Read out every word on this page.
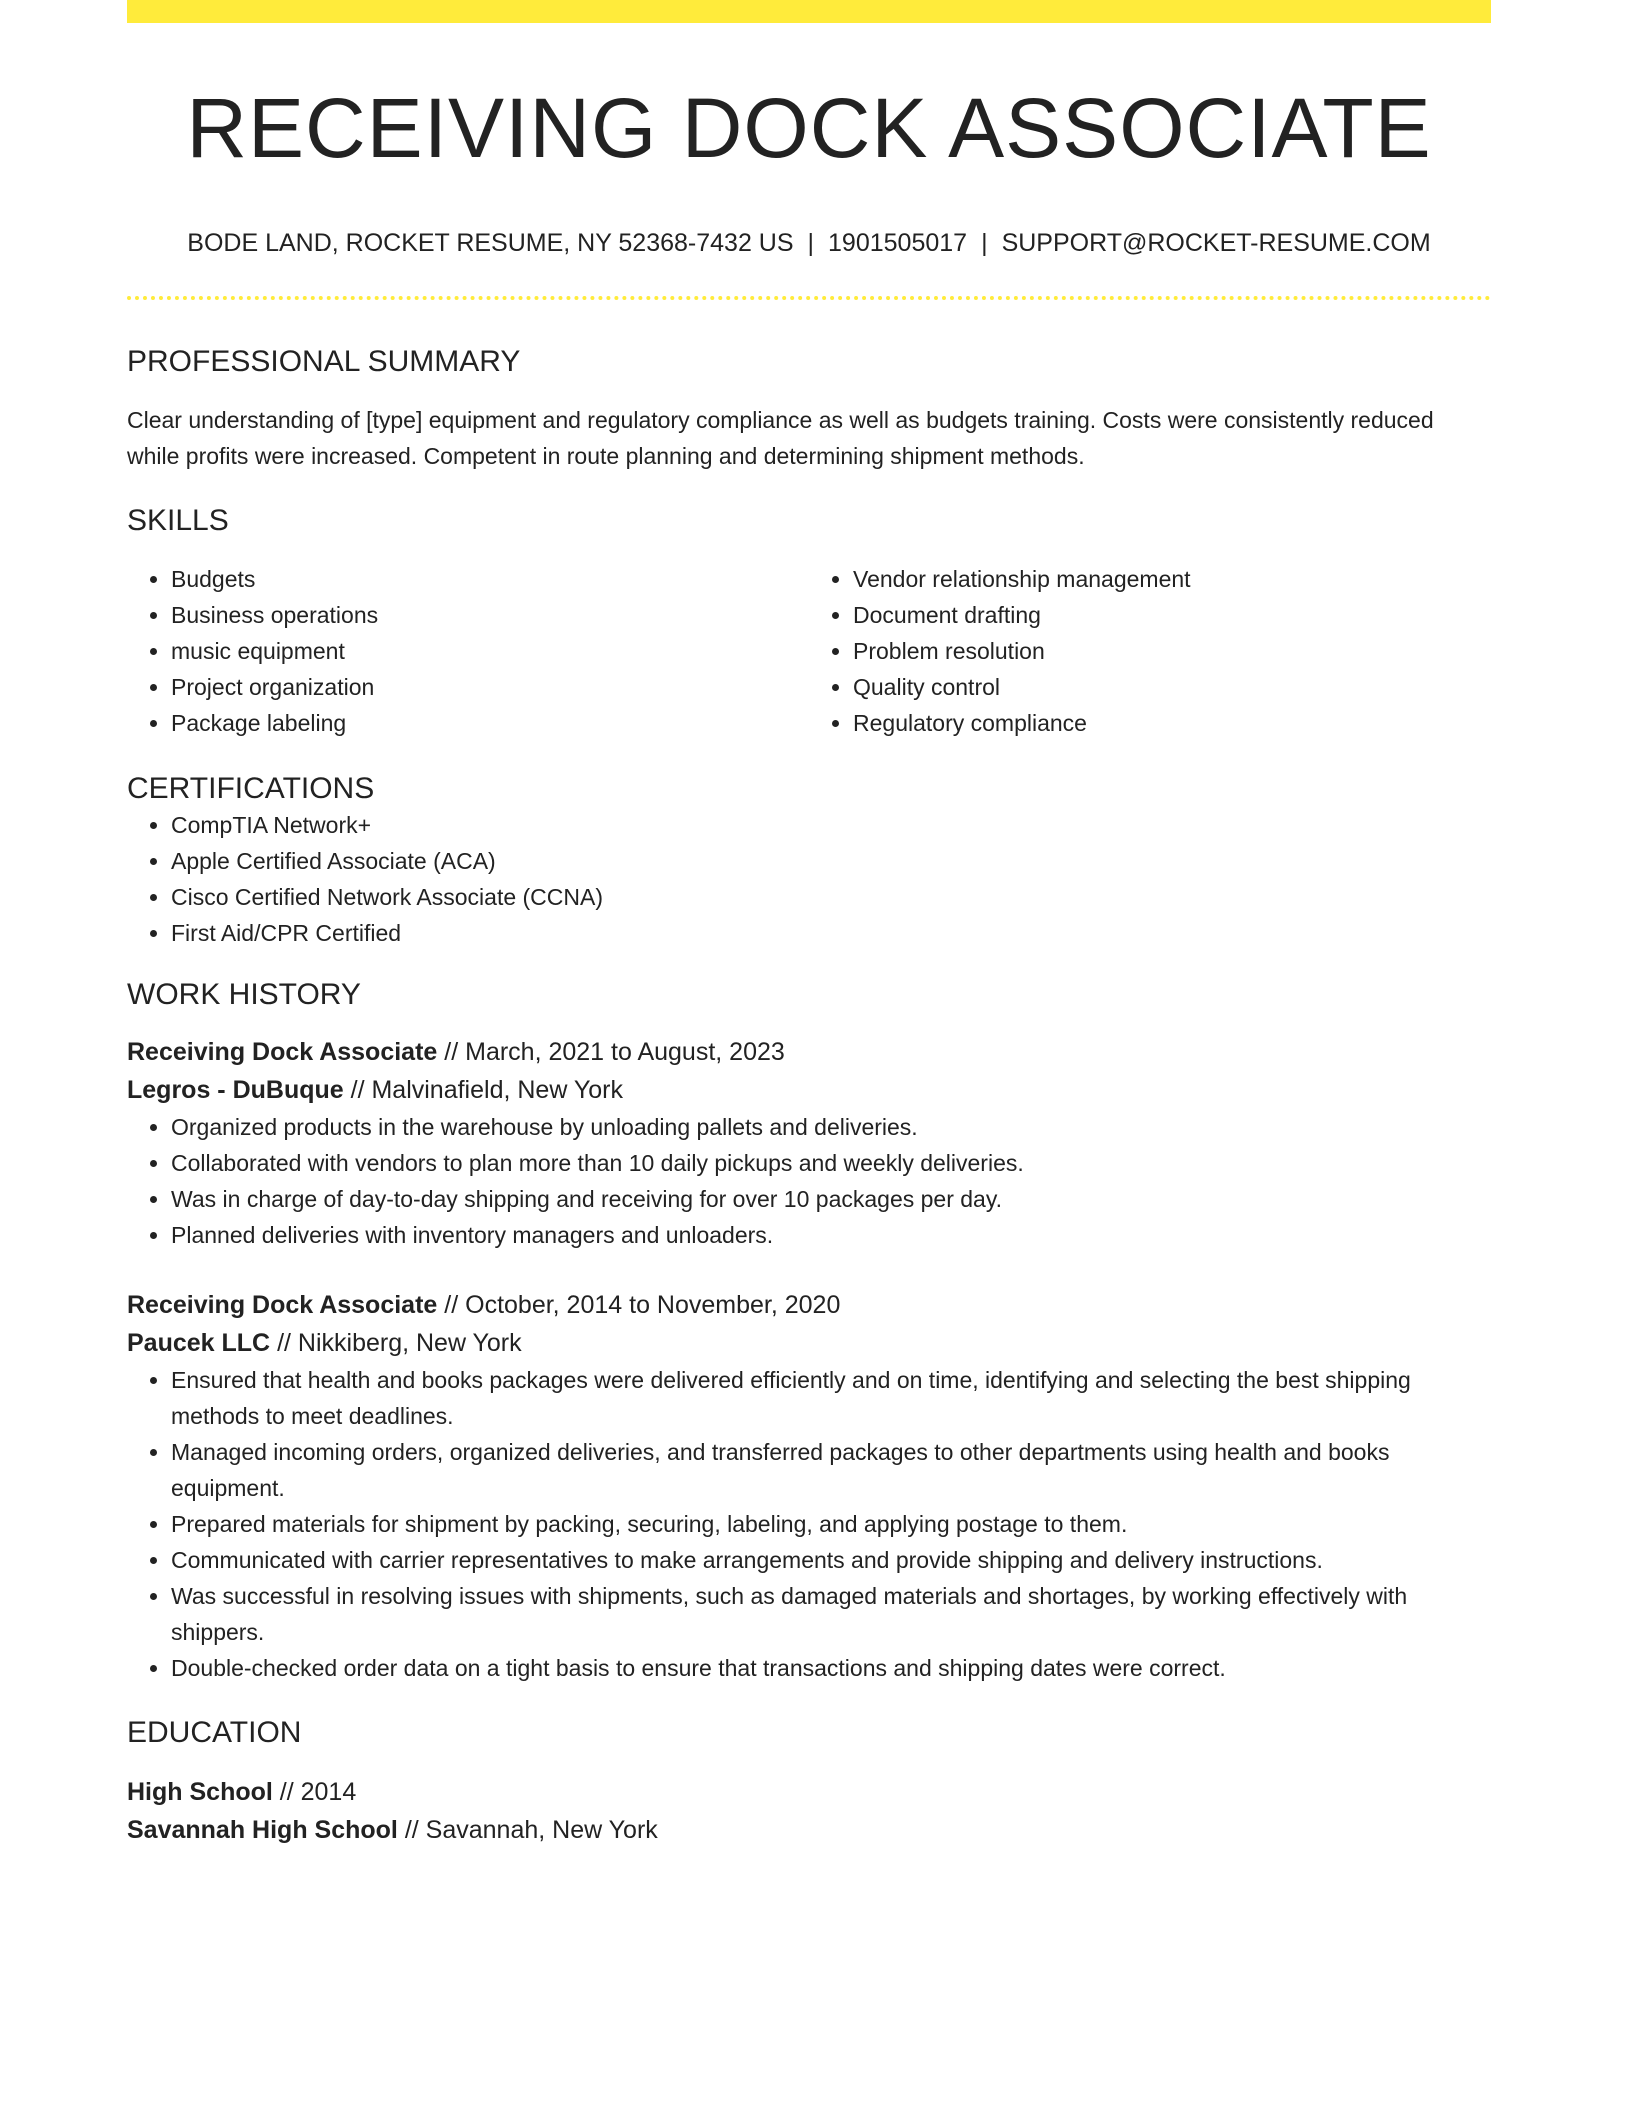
RECEIVING DOCK ASSOCIATE
BODE LAND, ROCKET RESUME, NY 52368-7432 US | 1901505017 | SUPPORT@ROCKET-RESUME.COM
PROFESSIONAL SUMMARY
Clear understanding of [type] equipment and regulatory compliance as well as budgets training. Costs were consistently reduced while profits were increased. Competent in route planning and determining shipment methods.
SKILLS
• Budgets
• Business operations
• music equipment
• Project organization
• Package labeling
• Vendor relationship management
• Document drafting
• Problem resolution
• Quality control
• Regulatory compliance
CERTIFICATIONS
• CompTIA Network+
• Apple Certified Associate (ACA)
• Cisco Certified Network Associate (CCNA)
• First Aid/CPR Certified
WORK HISTORY
Receiving Dock Associate // March, 2021 to August, 2023
Legros - DuBuque // Malvinafield, New York
• Organized products in the warehouse by unloading pallets and deliveries.
• Collaborated with vendors to plan more than 10 daily pickups and weekly deliveries.
• Was in charge of day-to-day shipping and receiving for over 10 packages per day.
• Planned deliveries with inventory managers and unloaders.
Receiving Dock Associate // October, 2014 to November, 2020
Paucek LLC // Nikkiberg, New York
• Ensured that health and books packages were delivered efficiently and on time, identifying and selecting the best shipping methods to meet deadlines.
• Managed incoming orders, organized deliveries, and transferred packages to other departments using health and books equipment.
• Prepared materials for shipment by packing, securing, labeling, and applying postage to them.
• Communicated with carrier representatives to make arrangements and provide shipping and delivery instructions.
• Was successful in resolving issues with shipments, such as damaged materials and shortages, by working effectively with shippers.
• Double-checked order data on a tight basis to ensure that transactions and shipping dates were correct.
EDUCATION
High School // 2014
Savannah High School // Savannah, New York
